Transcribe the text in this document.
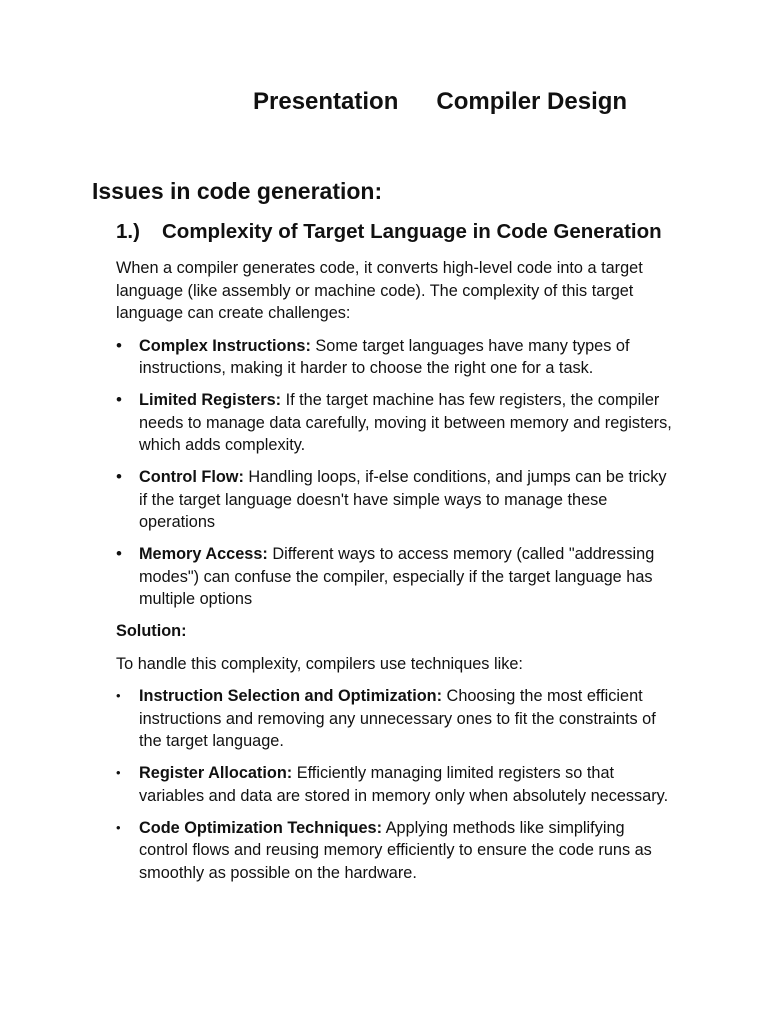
Presentation Compiler Design
Issues in code generation:
1.) Complexity of Target Language in Code Generation

When a compiler generates code, it converts high-level code into a target language (like assembly or machine code). The complexity of this target language can create challenges:

• Complex Instructions: Some target languages have many types of instructions, making it harder to choose the right one for a task.
• Limited Registers: If the target machine has few registers, the compiler needs to manage data carefully, moving it between memory and registers, which adds complexity.
• Control Flow: Handling loops, if-else conditions, and jumps can be tricky if the target language doesn't have simple ways to manage these operations
• Memory Access: Different ways to access memory (called "addressing modes") can confuse the compiler, especially if the target language has multiple options

Solution:

To handle this complexity, compilers use techniques like:

• Instruction Selection and Optimization: Choosing the most efficient instructions and removing any unnecessary ones to fit the constraints of the target language.
• Register Allocation: Efficiently managing limited registers so that variables and data are stored in memory only when absolutely necessary.
• Code Optimization Techniques: Applying methods like simplifying control flows and reusing memory efficiently to ensure the code runs as smoothly as possible on the hardware.
